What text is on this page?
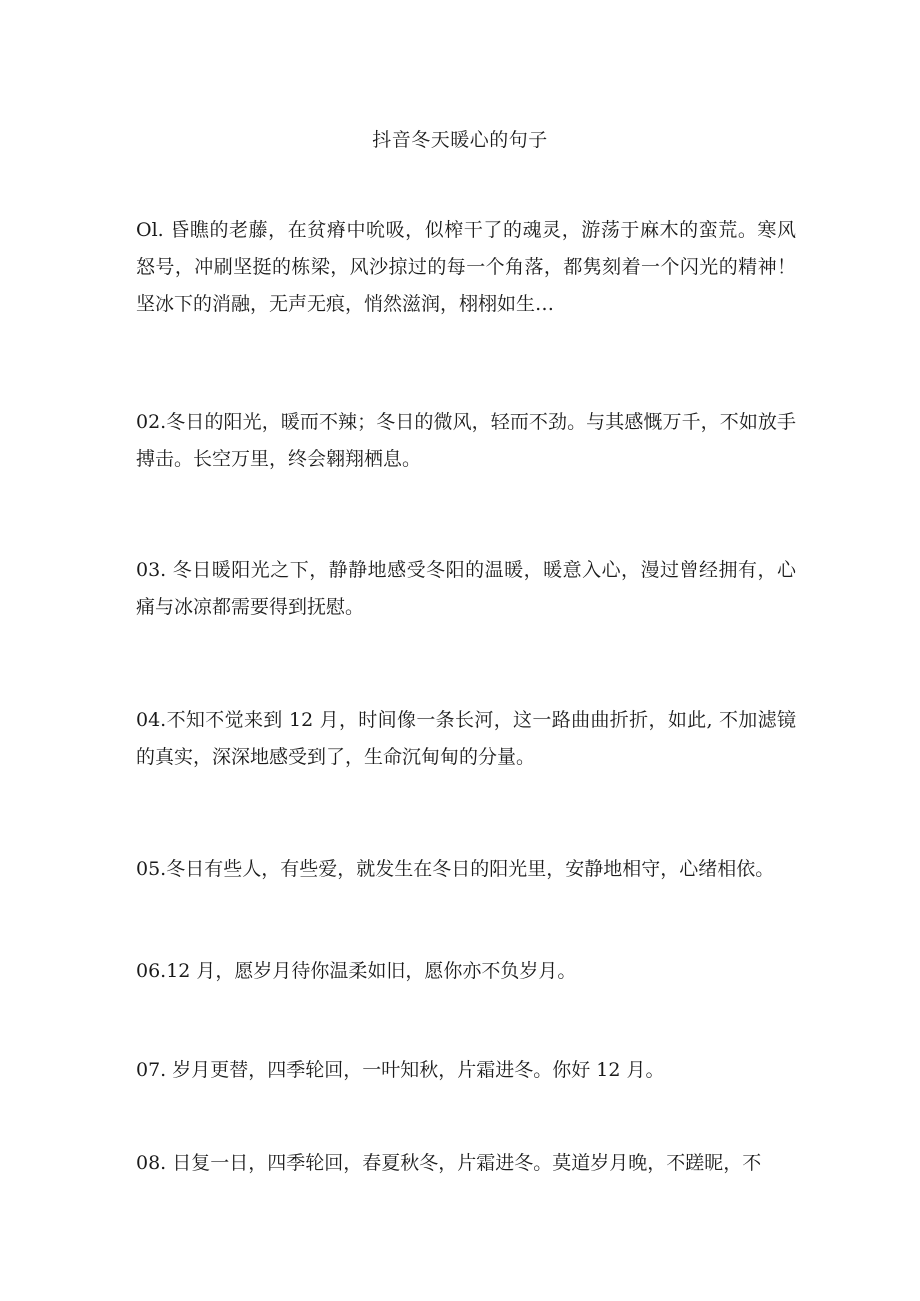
抖音冬天暖心的句子

Ol. 昏瞧的老藤，在贫瘠中吮吸，似榨干了的魂灵，游荡于麻木的蛮荒。寒风怒号，冲刷坚挺的栋梁，风沙掠过的每一个角落，都隽刻着一个闪光的精神！坚冰下的消融，无声无痕，悄然滋润，栩栩如生…

02.冬日的阳光，暖而不辣；冬日的微风，轻而不劲。与其感慨万千，不如放手搏击。长空万里，终会翱翔栖息。

03. 冬日暖阳光之下，静静地感受冬阳的温暖，暖意入心，漫过曾经拥有，心痛与冰凉都需要得到抚慰。

04.不知不觉来到 12 月，时间像一条长河，这一路曲曲折折，如此, 不加滤镜的真实，深深地感受到了，生命沉甸甸的分量。

05.冬日有些人，有些爱，就发生在冬日的阳光里，安静地相守，心绪相依。

06.12 月，愿岁月待你温柔如旧，愿你亦不负岁月。

07. 岁月更替，四季轮回，一叶知秋，片霜进冬。你好 12 月。

08. 日复一日，四季轮回，春夏秋冬，片霜进冬。莫道岁月晚，不蹉昵，不
